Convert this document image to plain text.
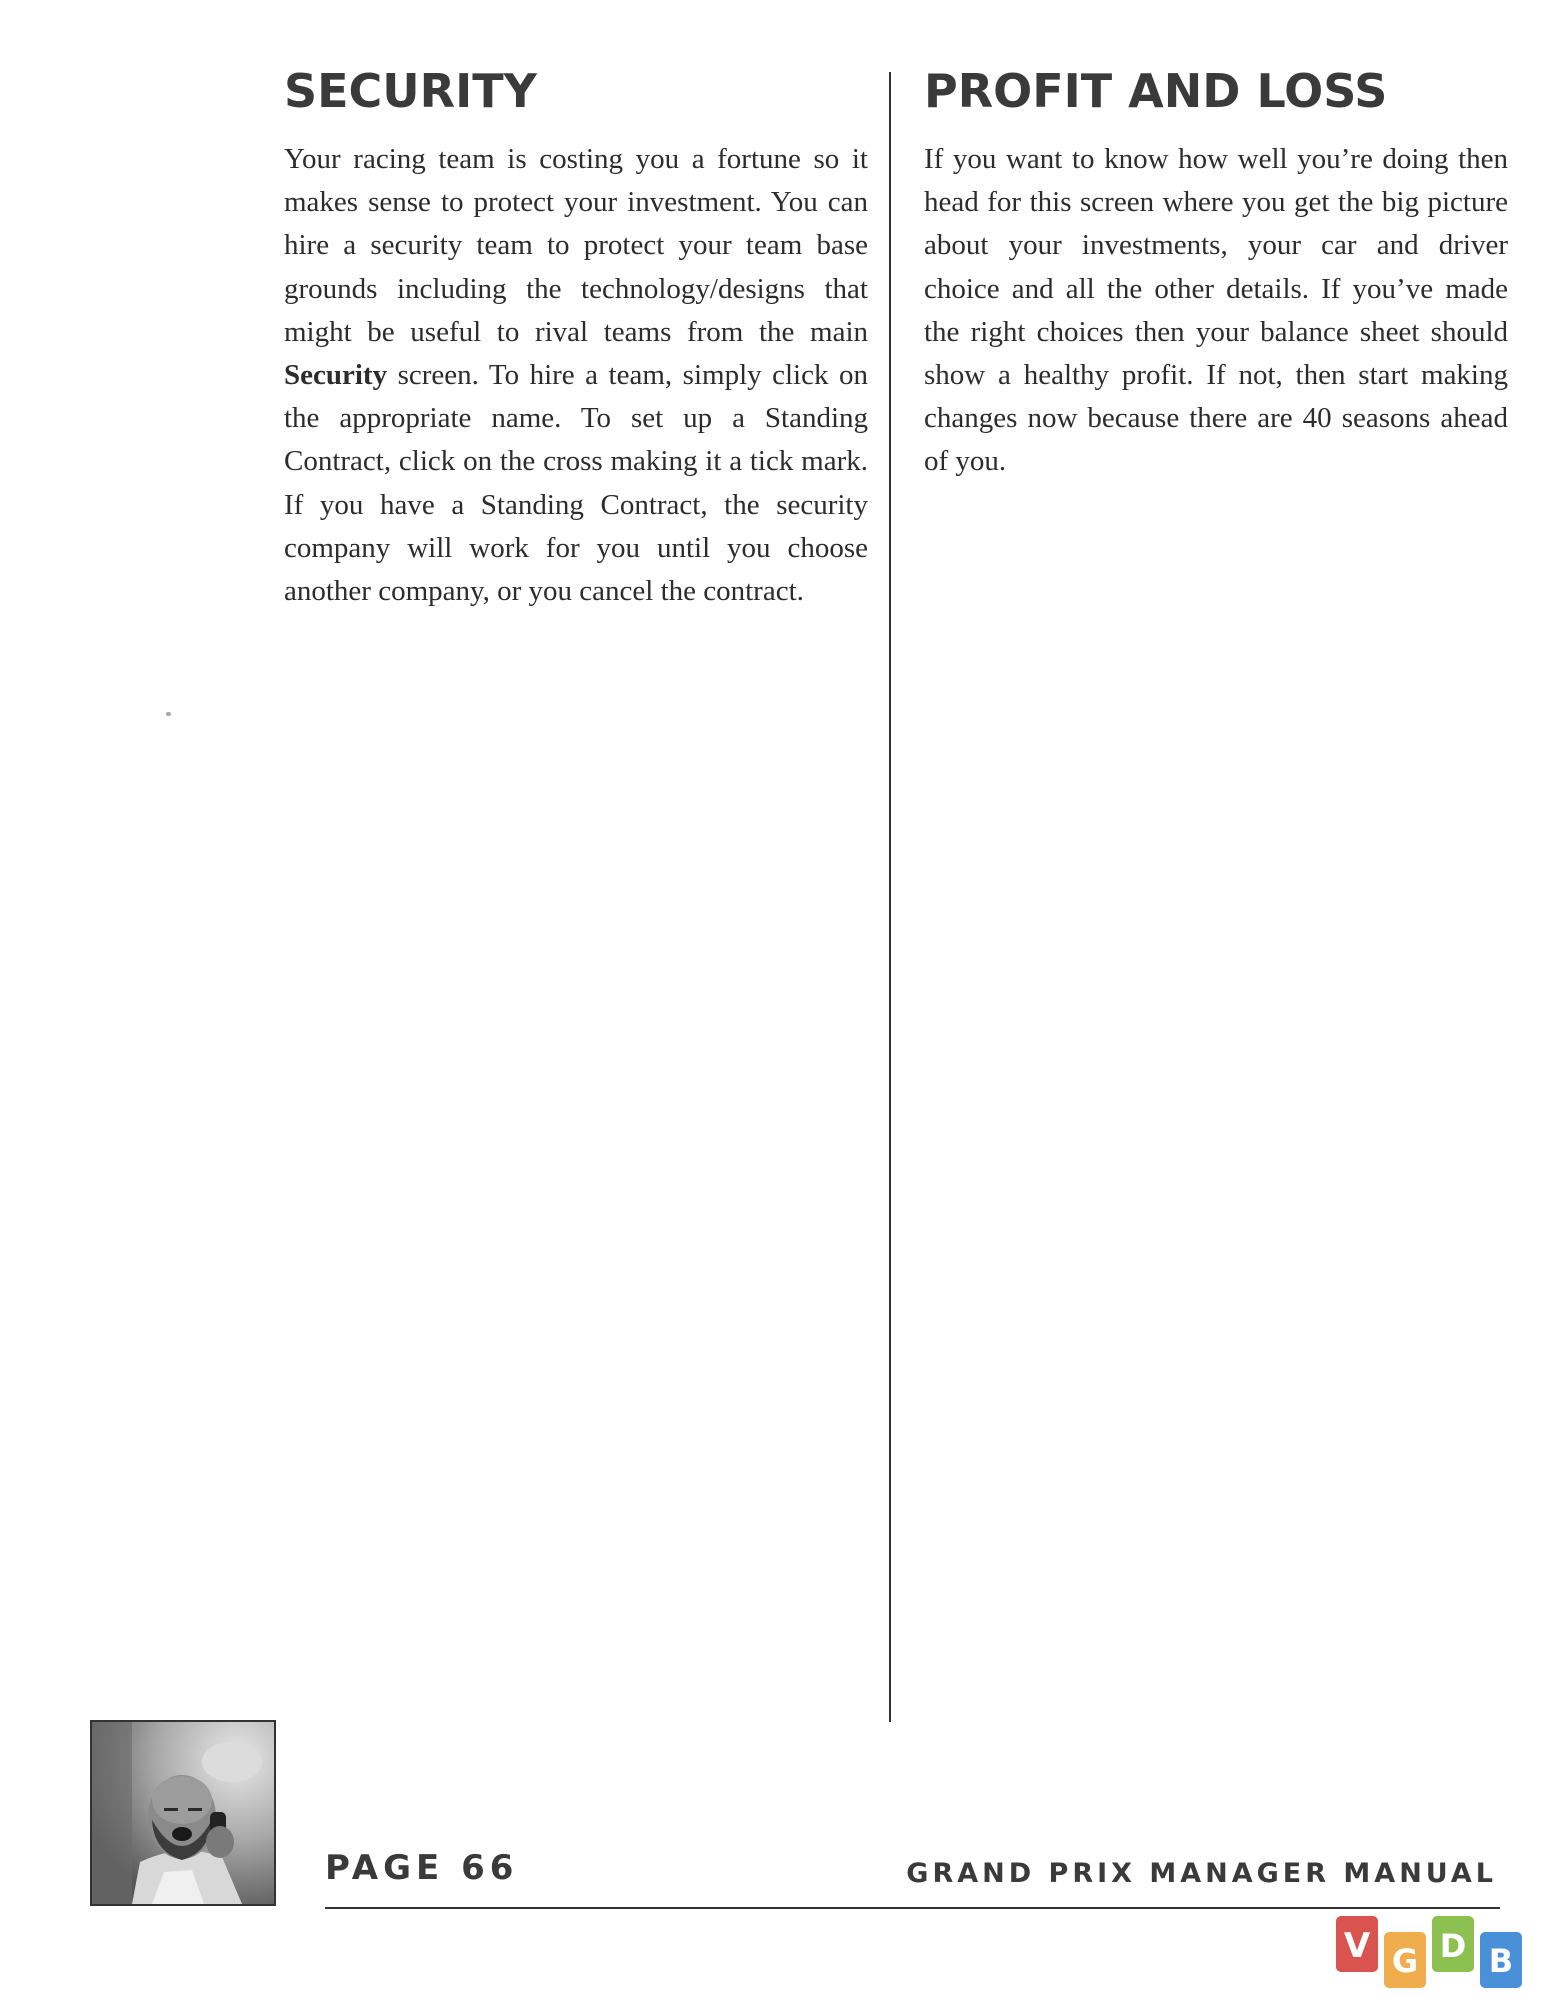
SECURITY	PROFIT AND LOSS

Your racing team is costing you a fortune so it makes sense to protect your investment. You can hire a security team to protect your team base grounds including the technology/designs that might be useful to rival teams from the main Security screen. To hire a team, simply click on the appropriate name. To set up a Standing Contract, click on the cross making it a tick mark. If you have a Standing Contract, the security company will work for you until you choose another company, or you cancel the contract.

If you want to know how well you’re doing then head for this screen where you get the big picture about your investments, your car and driver choice and all the other details. If you’ve made the right choices then your balance sheet should show a healthy profit. If not, then start making changes now because there are 40 seasons ahead of you.

PAGE 66	GRAND PRIX MANAGER MANUAL
V G D B
